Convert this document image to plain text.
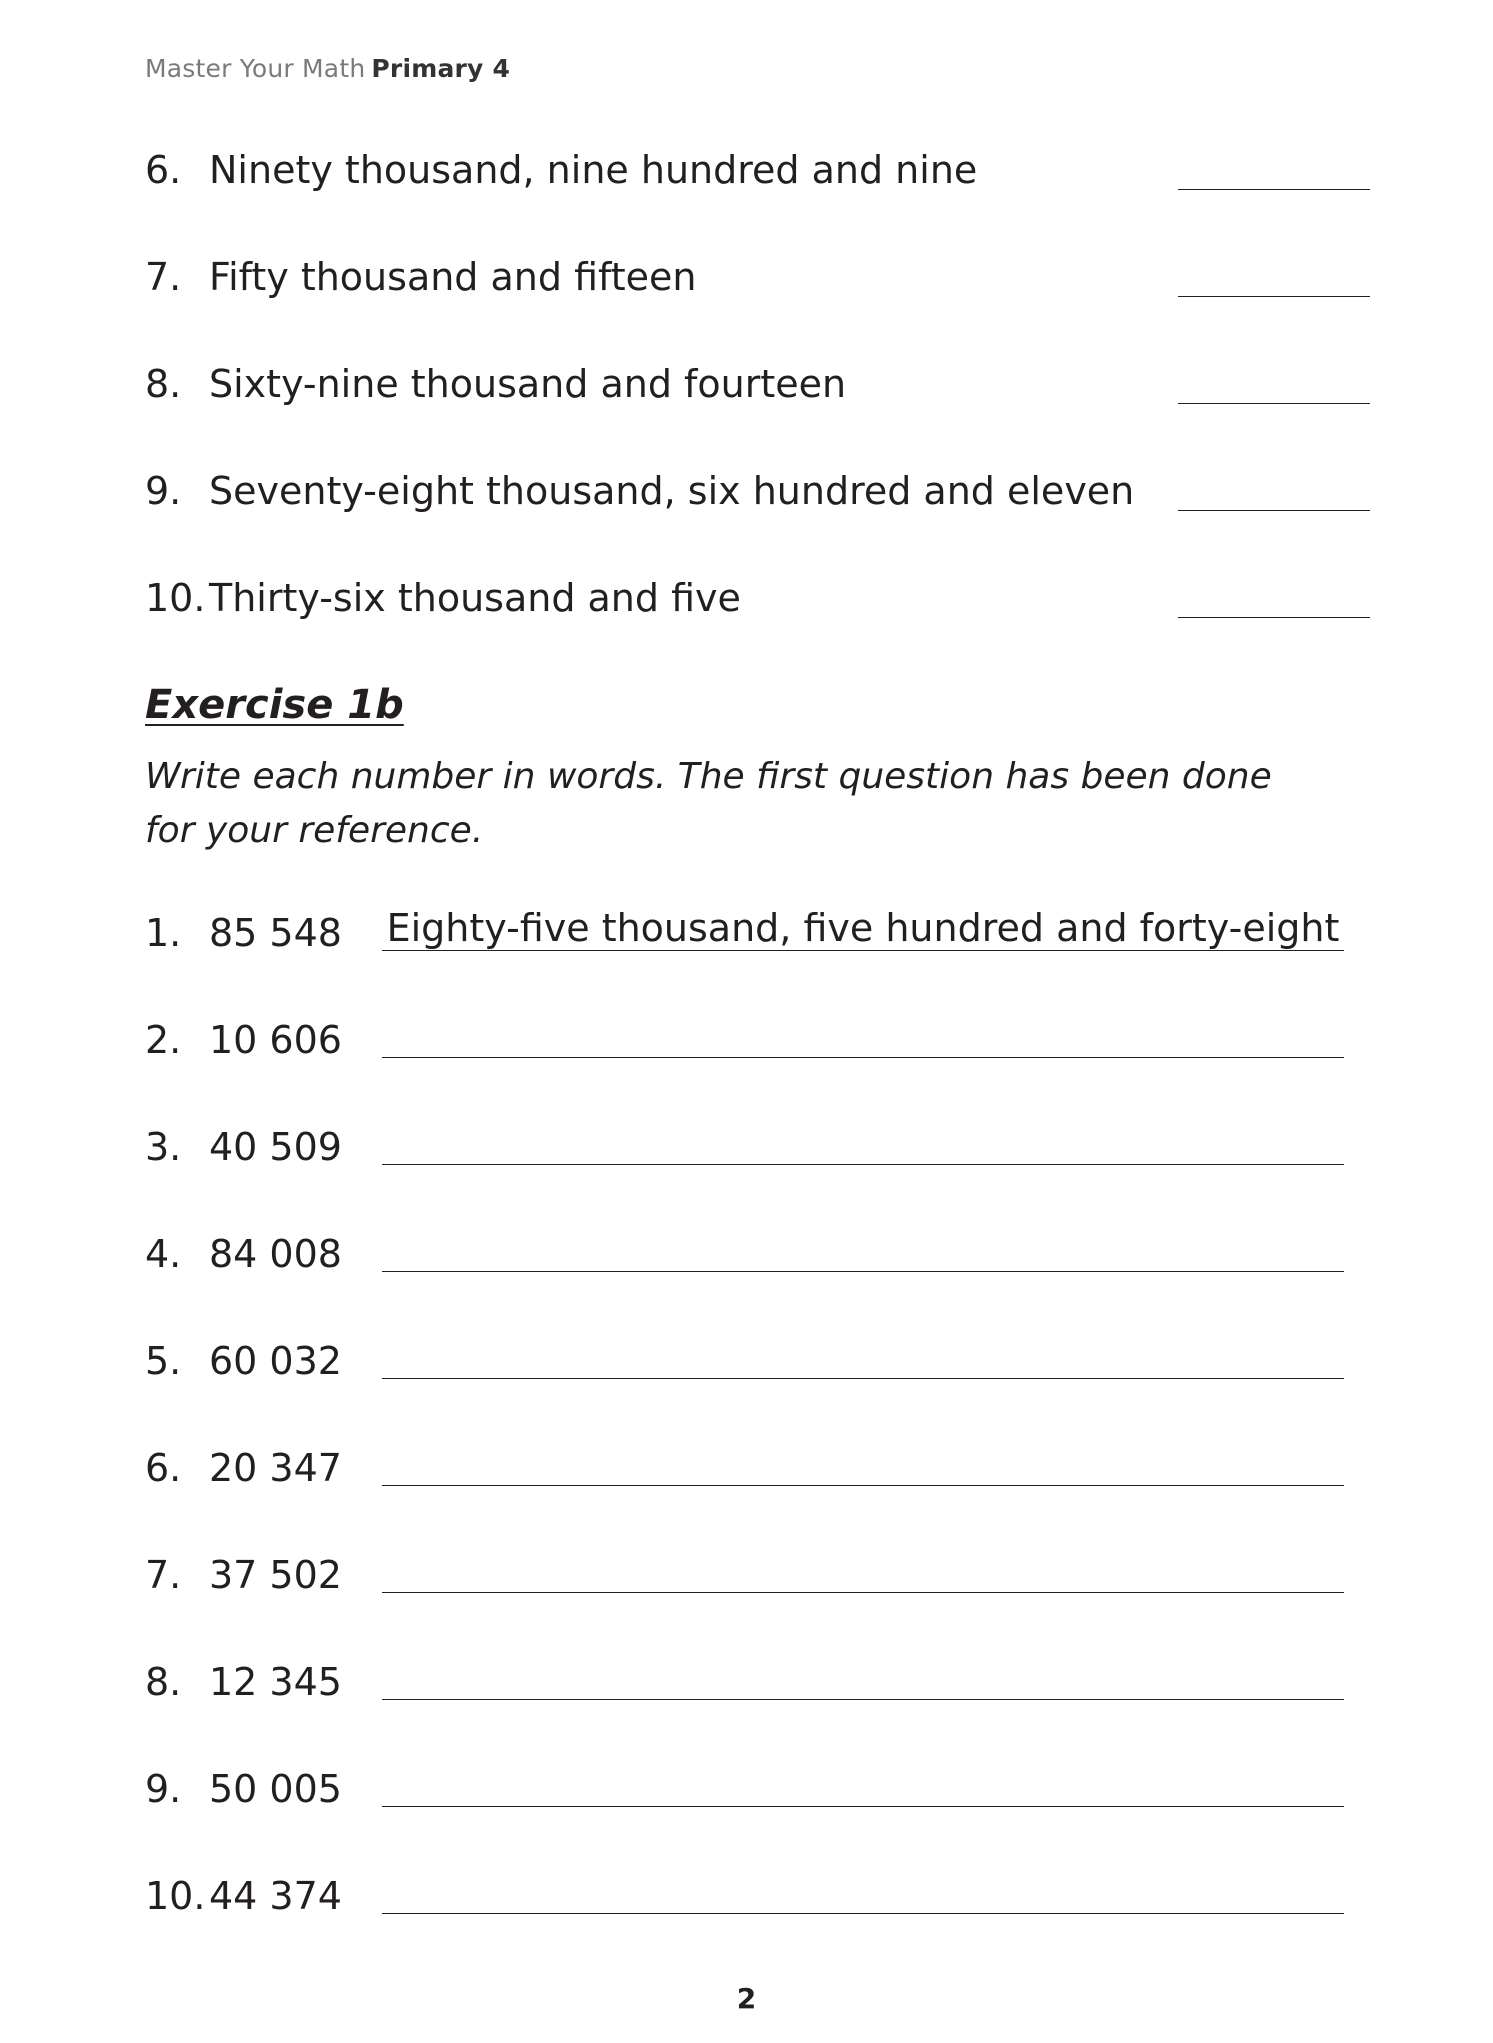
Master Your Math Primary 4
6. Ninety thousand, nine hundred and nine
7. Fifty thousand and fifteen
8. Sixty-nine thousand and fourteen
9. Seventy-eight thousand, six hundred and eleven
10. Thirty-six thousand and five
Exercise 1b
Write each number in words. The first question has been done for your reference.
1. 85 548 Eighty-five thousand, five hundred and forty-eight
2. 10 606
3. 40 509
4. 84 008
5. 60 032
6. 20 347
7. 37 502
8. 12 345
9. 50 005
10. 44 374
2
